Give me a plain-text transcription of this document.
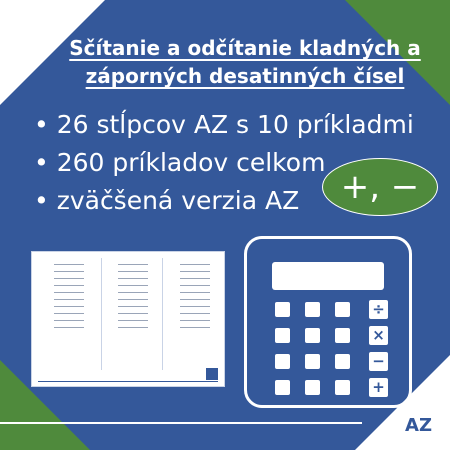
Sčítanie a odčítanie kladných a
záporných desatinných čísel
• 26 stĺpcov AZ s 10 príkladmi
• 260 príkladov celkom
• zväčšená verzia AZ	+, −
÷
×
−
+
AZ
